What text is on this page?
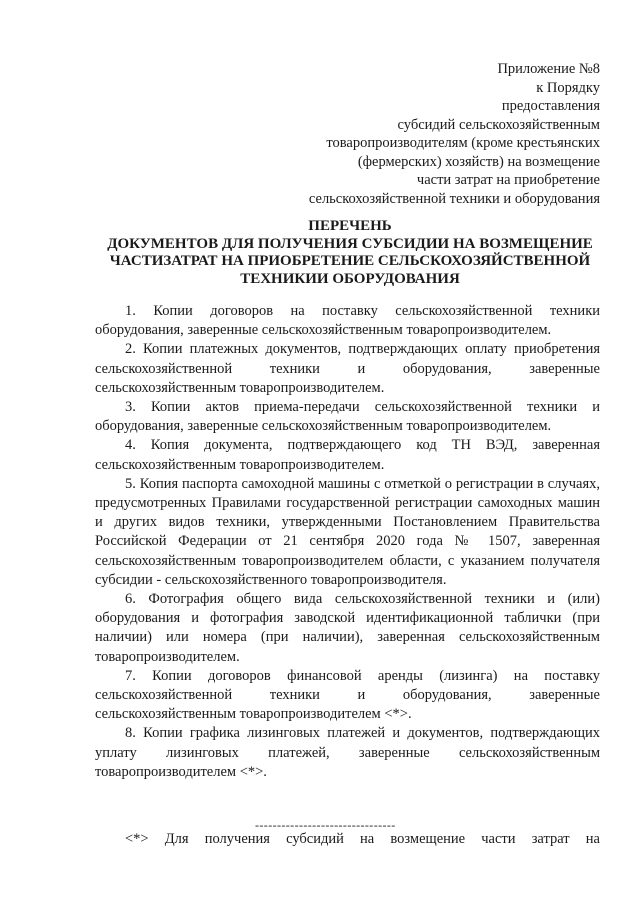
Приложение №8
к Порядку
предоставления
субсидий сельскохозяйственным
товаропроизводителям (кроме крестьянских
(фермерских) хозяйств) на возмещение
части затрат на приобретение
сельскохозяйственной техники и оборудования
ПЕРЕЧЕНЬ
ДОКУМЕНТОВ ДЛЯ ПОЛУЧЕНИЯ СУБСИДИИ НА ВОЗМЕЩЕНИЕ
ЧАСТИЗАТРАТ НА ПРИОБРЕТЕНИЕ СЕЛЬСКОХОЗЯЙСТВЕННОЙ
ТЕХНИКИИ ОБОРУДОВАНИЯ

1. Копии договоров на поставку сельскохозяйственной техники оборудования, заверенные сельскохозяйственным товаропроизводителем.

2. Копии платежных документов, подтверждающих оплату приобретения сельскохозяйственной техники и оборудования, заверенные сельскохозяйственным товаропроизводителем.

3. Копии актов приема-передачи сельскохозяйственной техники и оборудования, заверенные сельскохозяйственным товаропроизводителем.

4. Копия документа, подтверждающего код ТН ВЭД, заверенная сельскохозяйственным товаропроизводителем.

5. Копия паспорта самоходной машины с отметкой о регистрации в случаях, предусмотренных Правилами государственной регистрации самоходных машин и других видов техники, утвержденными Постановлением Правительства Российской Федерации от 21 сентября 2020 года № 1507, заверенная сельскохозяйственным товаропроизводителем области, с указанием получателя субсидии - сельскохозяйственного товаропроизводителя.

6. Фотография общего вида сельскохозяйственной техники и (или) оборудования и фотография заводской идентификационной таблички (при наличии) или номера (при наличии), заверенная сельскохозяйственным товаропроизводителем.

7. Копии договоров финансовой аренды (лизинга) на поставку сельскохозяйственной техники и оборудования, заверенные сельскохозяйственным товаропроизводителем <*>.

8. Копии графика лизинговых платежей и документов, подтверждающих уплату лизинговых платежей, заверенные сельскохозяйственным товаропроизводителем <*>.

--------------------------------
<*> Для получения субсидий на возмещение части затрат на
